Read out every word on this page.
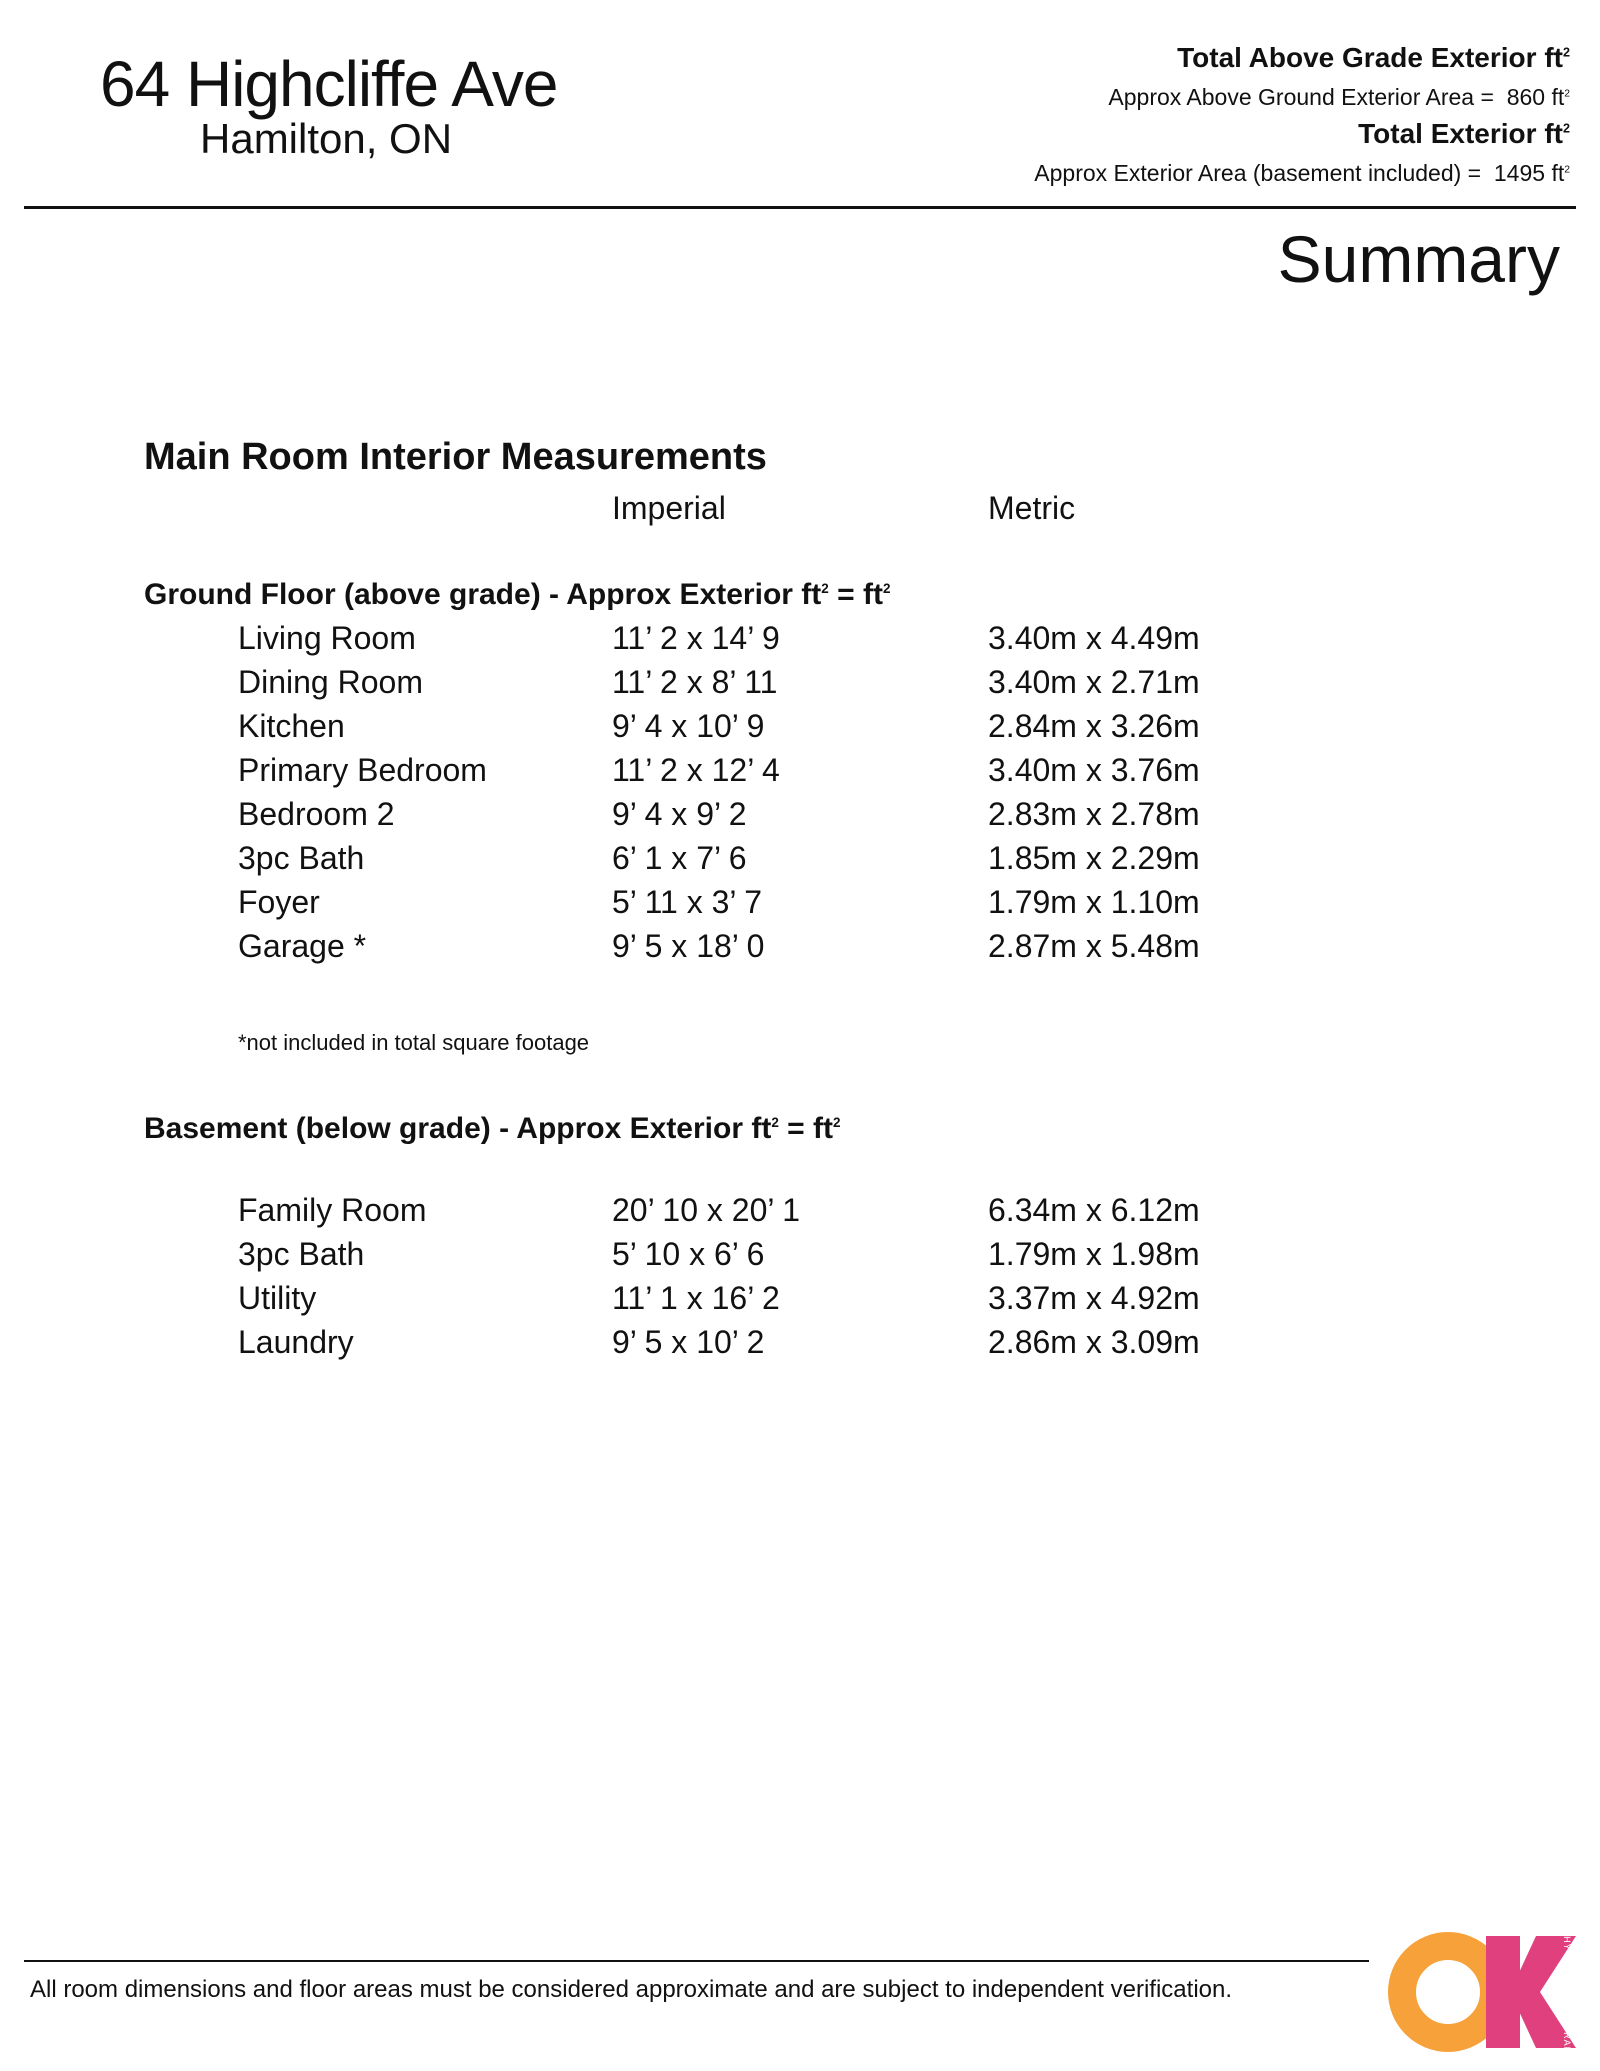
64 Highcliffe Ave
Hamilton, ON
Total Above Grade Exterior $ft^2$
Approx Above Ground Exterior Area = 860 $ft^2$
Total Exterior $ft^2$
Approx Exterior Area (basement included) = 1495 $ft^2$
Summary
Main Room Interior Measurements
Imperial	Metric
Ground Floor (above grade) - Approx Exterior $ft^2 = ft^2$
Living Room	11’ 2 x 14’ 9	3.40m x 4.49m
Dining Room	11’ 2 x 8’ 11	3.40m x 2.71m
Kitchen	9’ 4 x 10’ 9	2.84m x 3.26m
Primary Bedroom	11’ 2 x 12’ 4	3.40m x 3.76m
Bedroom 2	9’ 4 x 9’ 2	2.83m x 2.78m
3pc Bath	6’ 1 x 7’ 6	1.85m x 2.29m
Foyer	5’ 11 x 3’ 7	1.79m x 1.10m
Garage *	9’ 5 x 18’ 0	2.87m x 5.48m
*not included in total square footage
Basement (below grade) - Approx Exterior $ft^2 = ft^2$
Family Room	20’ 10 x 20’ 1	6.34m x 6.12m
3pc Bath	5’ 10 x 6’ 6	1.79m x 1.98m
Utility	11’ 1 x 16’ 2	3.37m x 4.92m
Laundry	9’ 5 x 10’ 2	2.86m x 3.09m
All room dimensions and floor areas must be considered approximate and are subject to independent verification.	CATHY KOOP PHOTOGRAPHY
